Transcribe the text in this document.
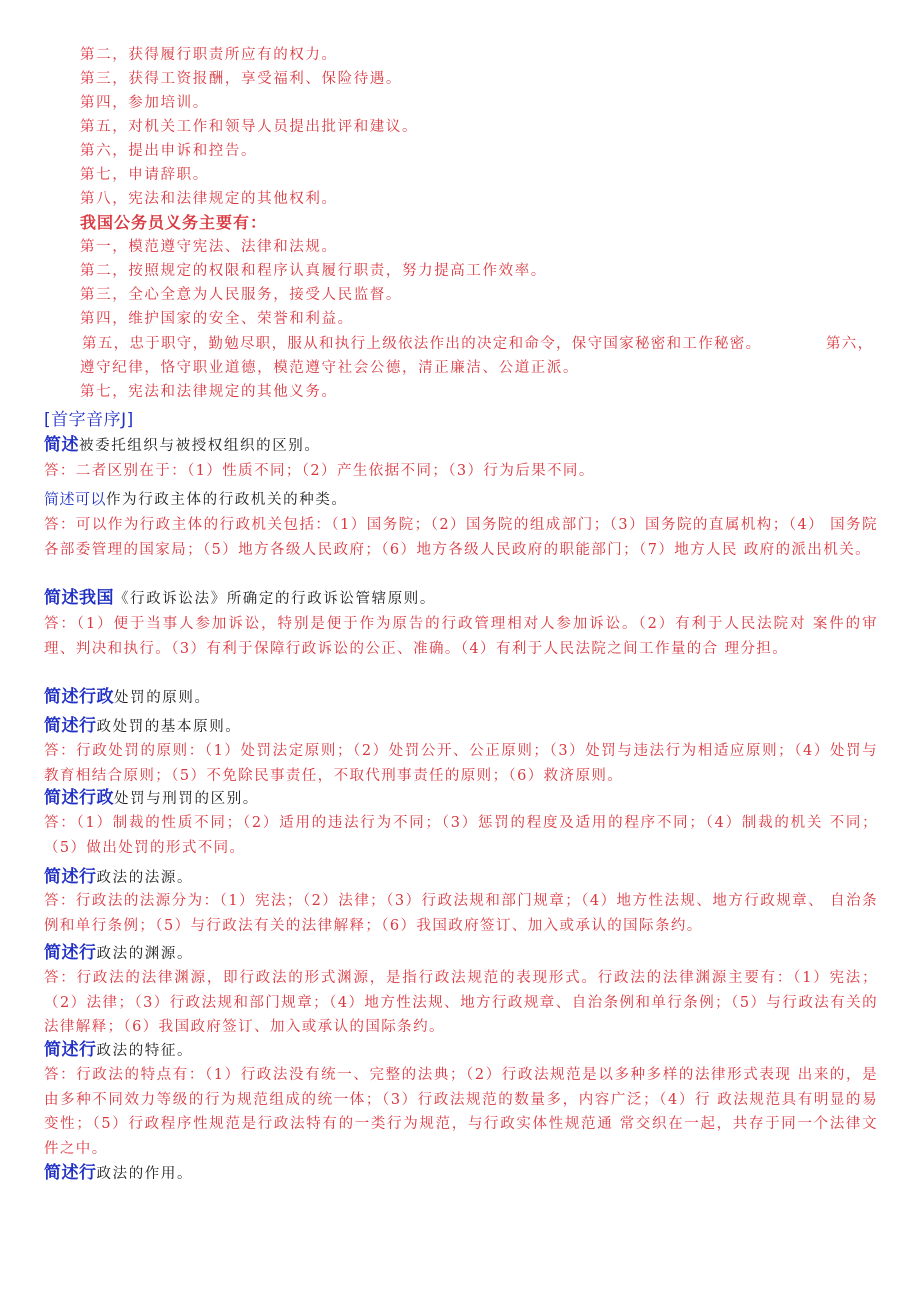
第二，获得履行职责所应有的权力。
第三，获得工资报酬，享受福利、保险待遇。
第四，参加培训。
第五，对机关工作和领导人员提出批评和建议。
第六，提出申诉和控告。
第七，申请辞职。
第八，宪法和法律规定的其他权利。
我国公务员义务主要有：
第一，模范遵守宪法、法律和法规。
第二，按照规定的权限和程序认真履行职责，努力提高工作效率。
第三，全心全意为人民服务，接受人民监督。
第四，维护国家的安全、荣誉和利益。
第五，忠于职守，勤勉尽职，服从和执行上级依法作出的决定和命令，保守国家秘密和工作秘密。	第六，
遵守纪律，恪守职业道德，模范遵守社会公德，清正廉洁、公道正派。
第七，宪法和法律规定的其他义务。
[首字音序J]
简述被委托组织与被授权组织的区别。
答：二者区别在于：（1）性质不同；（2）产生依据不同；（3）行为后果不同。
简述可以作为行政主体的行政机关的种类。
答：可以作为行政主体的行政机关包括：（1）国务院；（2）国务院的组成部门；（3）国务院的直属机构；（4） 国务院各部委管理的国家局；（5）地方各级人民政府；（6）地方各级人民政府的职能部门；（7）地方人民 政府的派出机关。
简述我国《行政诉讼法》所确定的行政诉讼管辖原则。
答：（1）便于当事人参加诉讼，特别是便于作为原告的行政管理相对人参加诉讼。（2）有利于人民法院对 案件的审理、判决和执行。（3）有利于保障行政诉讼的公正、准确。（4）有利于人民法院之间工作量的合 理分担。
简述行政处罚的原则。
简述行政处罚的基本原则。
答：行政处罚的原则：（1）处罚法定原则；（2）处罚公开、公正原则；（3）处罚与违法行为相适应原则；（4）处罚与教育相结合原则；（5）不免除民事责任，不取代刑事责任的原则；（6）救济原则。
简述行政处罚与刑罚的区别。
答：（1）制裁的性质不同；（2）适用的违法行为不同；（3）惩罚的程度及适用的程序不同；（4）制裁的机关 不同；（5）做出处罚的形式不同。
简述行政法的法源。
答：行政法的法源分为：（1）宪法；（2）法律；（3）行政法规和部门规章；（4）地方性法规、地方行政规章、 自治条例和单行条例；（5）与行政法有关的法律解释；（6）我国政府签订、加入或承认的国际条约。
简述行政法的渊源。
答：行政法的法律渊源，即行政法的形式渊源，是指行政法规范的表现形式。行政法的法律渊源主要有：（1）宪法；（2）法律；（3）行政法规和部门规章；（4）地方性法规、地方行政规章、自治条例和单行条例；（5）与行政法有关的法律解释；（6）我国政府签订、加入或承认的国际条约。
简述行政法的特征。
答：行政法的特点有：（1）行政法没有统一、完整的法典；（2）行政法规范是以多种多样的法律形式表现 出来的，是由多种不同效力等级的行为规范组成的统一体；（3）行政法规范的数量多，内容广泛；（4）行 政法规范具有明显的易变性；（5）行政程序性规范是行政法特有的一类行为规范，与行政实体性规范通 常交织在一起，共存于同一个法律文件之中。
简述行政法的作用。
